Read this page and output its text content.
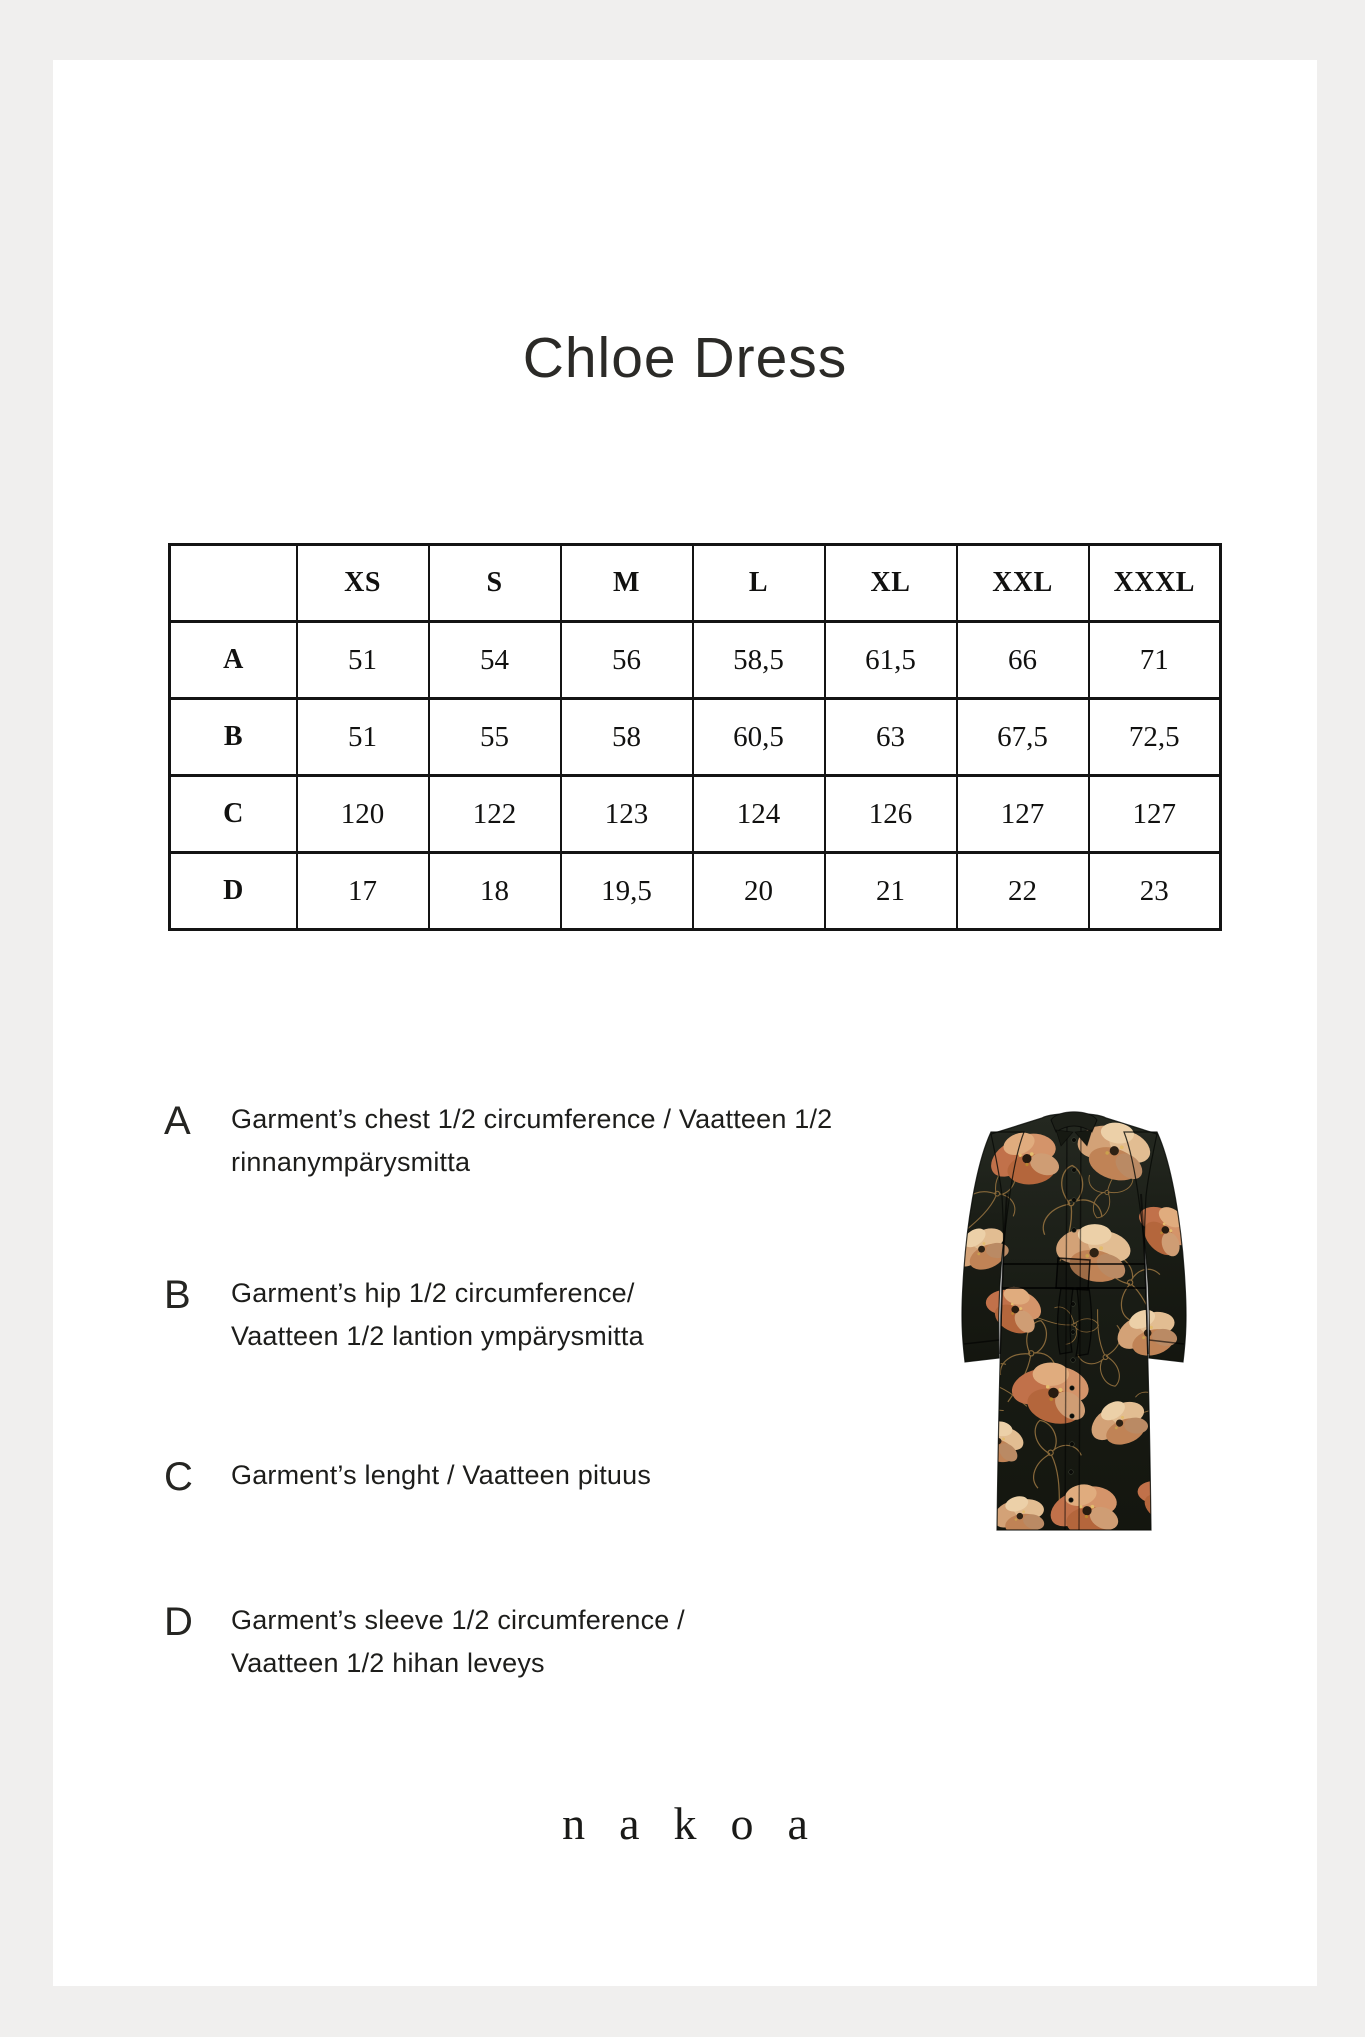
Chloe Dress
	XS	S	M	L	XL	XXL	XXXL
A	51	54	56	58,5	61,5	66	71
B	51	55	58	60,5	63	67,5	72,5
C	120	122	123	124	126	127	127
D	17	18	19,5	20	21	22	23
A Garment’s chest 1/2 circumference / Vaatteen 1/2
rinnanympärysmitta
B Garment’s hip 1/2 circumference/
Vaatteen 1/2 lantion ympärysmitta
C Garment’s lenght / Vaatteen pituus
D Garment’s sleeve 1/2 circumference /
Vaatteen 1/2 hihan leveys
nakoa
